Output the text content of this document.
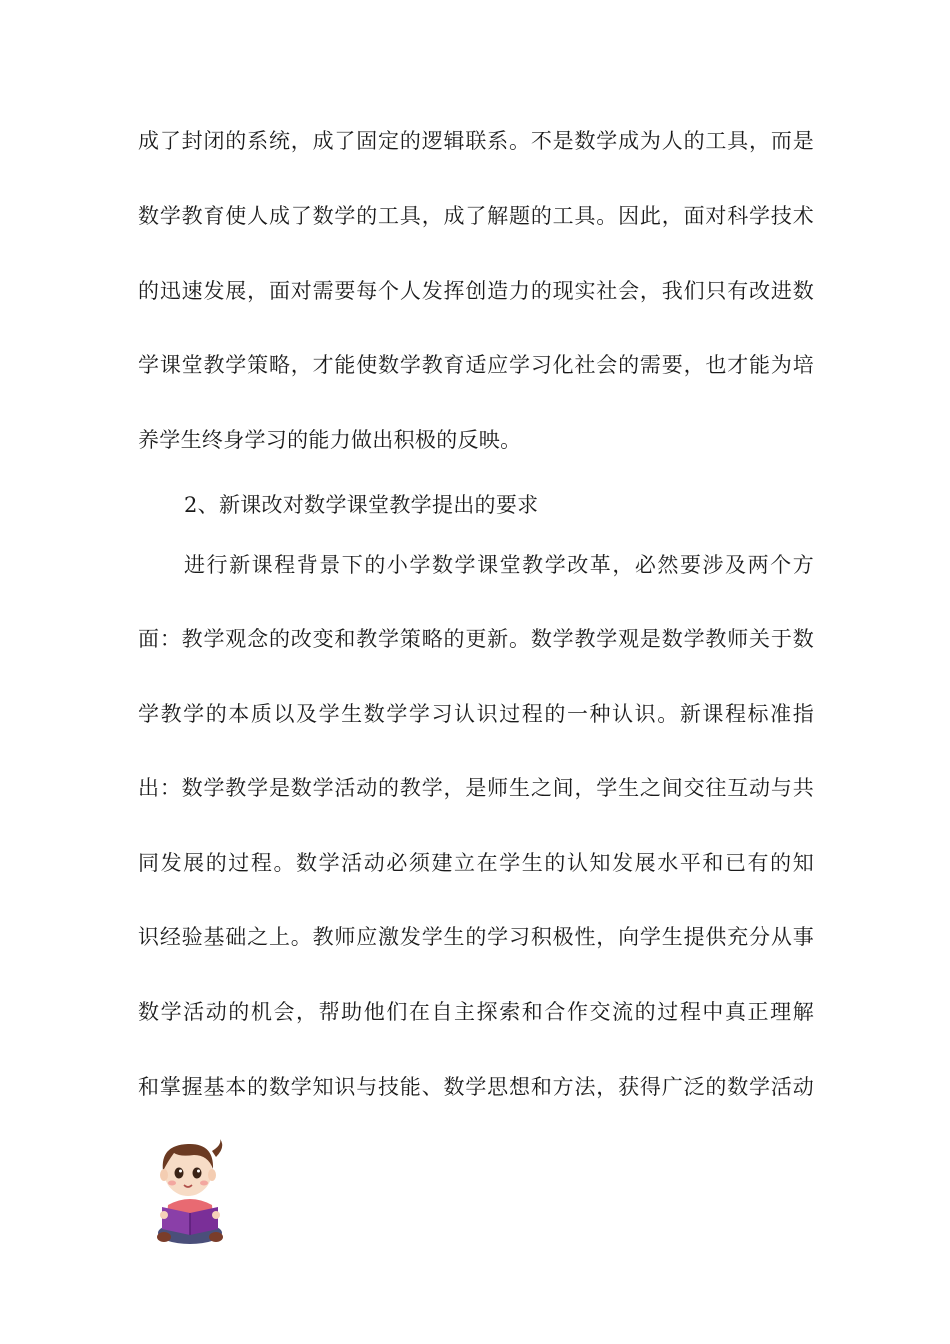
成了封闭的系统，成了固定的逻辑联系。不是数学成为人的工具，而是
数学教育使人成了数学的工具，成了解题的工具。因此，面对科学技术
的迅速发展，面对需要每个人发挥创造力的现实社会，我们只有改进数
学课堂教学策略，才能使数学教育适应学习化社会的需要，也才能为培
养学生终身学习的能力做出积极的反映。
2、新课改对数学课堂教学提出的要求
进行新课程背景下的小学数学课堂教学改革，必然要涉及两个方
面：教学观念的改变和教学策略的更新。数学教学观是数学教师关于数
学教学的本质以及学生数学学习认识过程的一种认识。新课程标准指
出：数学教学是数学活动的教学，是师生之间，学生之间交往互动与共
同发展的过程。数学活动必须建立在学生的认知发展水平和已有的知
识经验基础之上。教师应激发学生的学习积极性，向学生提供充分从事
数学活动的机会，帮助他们在自主探索和合作交流的过程中真正理解
和掌握基本的数学知识与技能、数学思想和方法，获得广泛的数学活动
